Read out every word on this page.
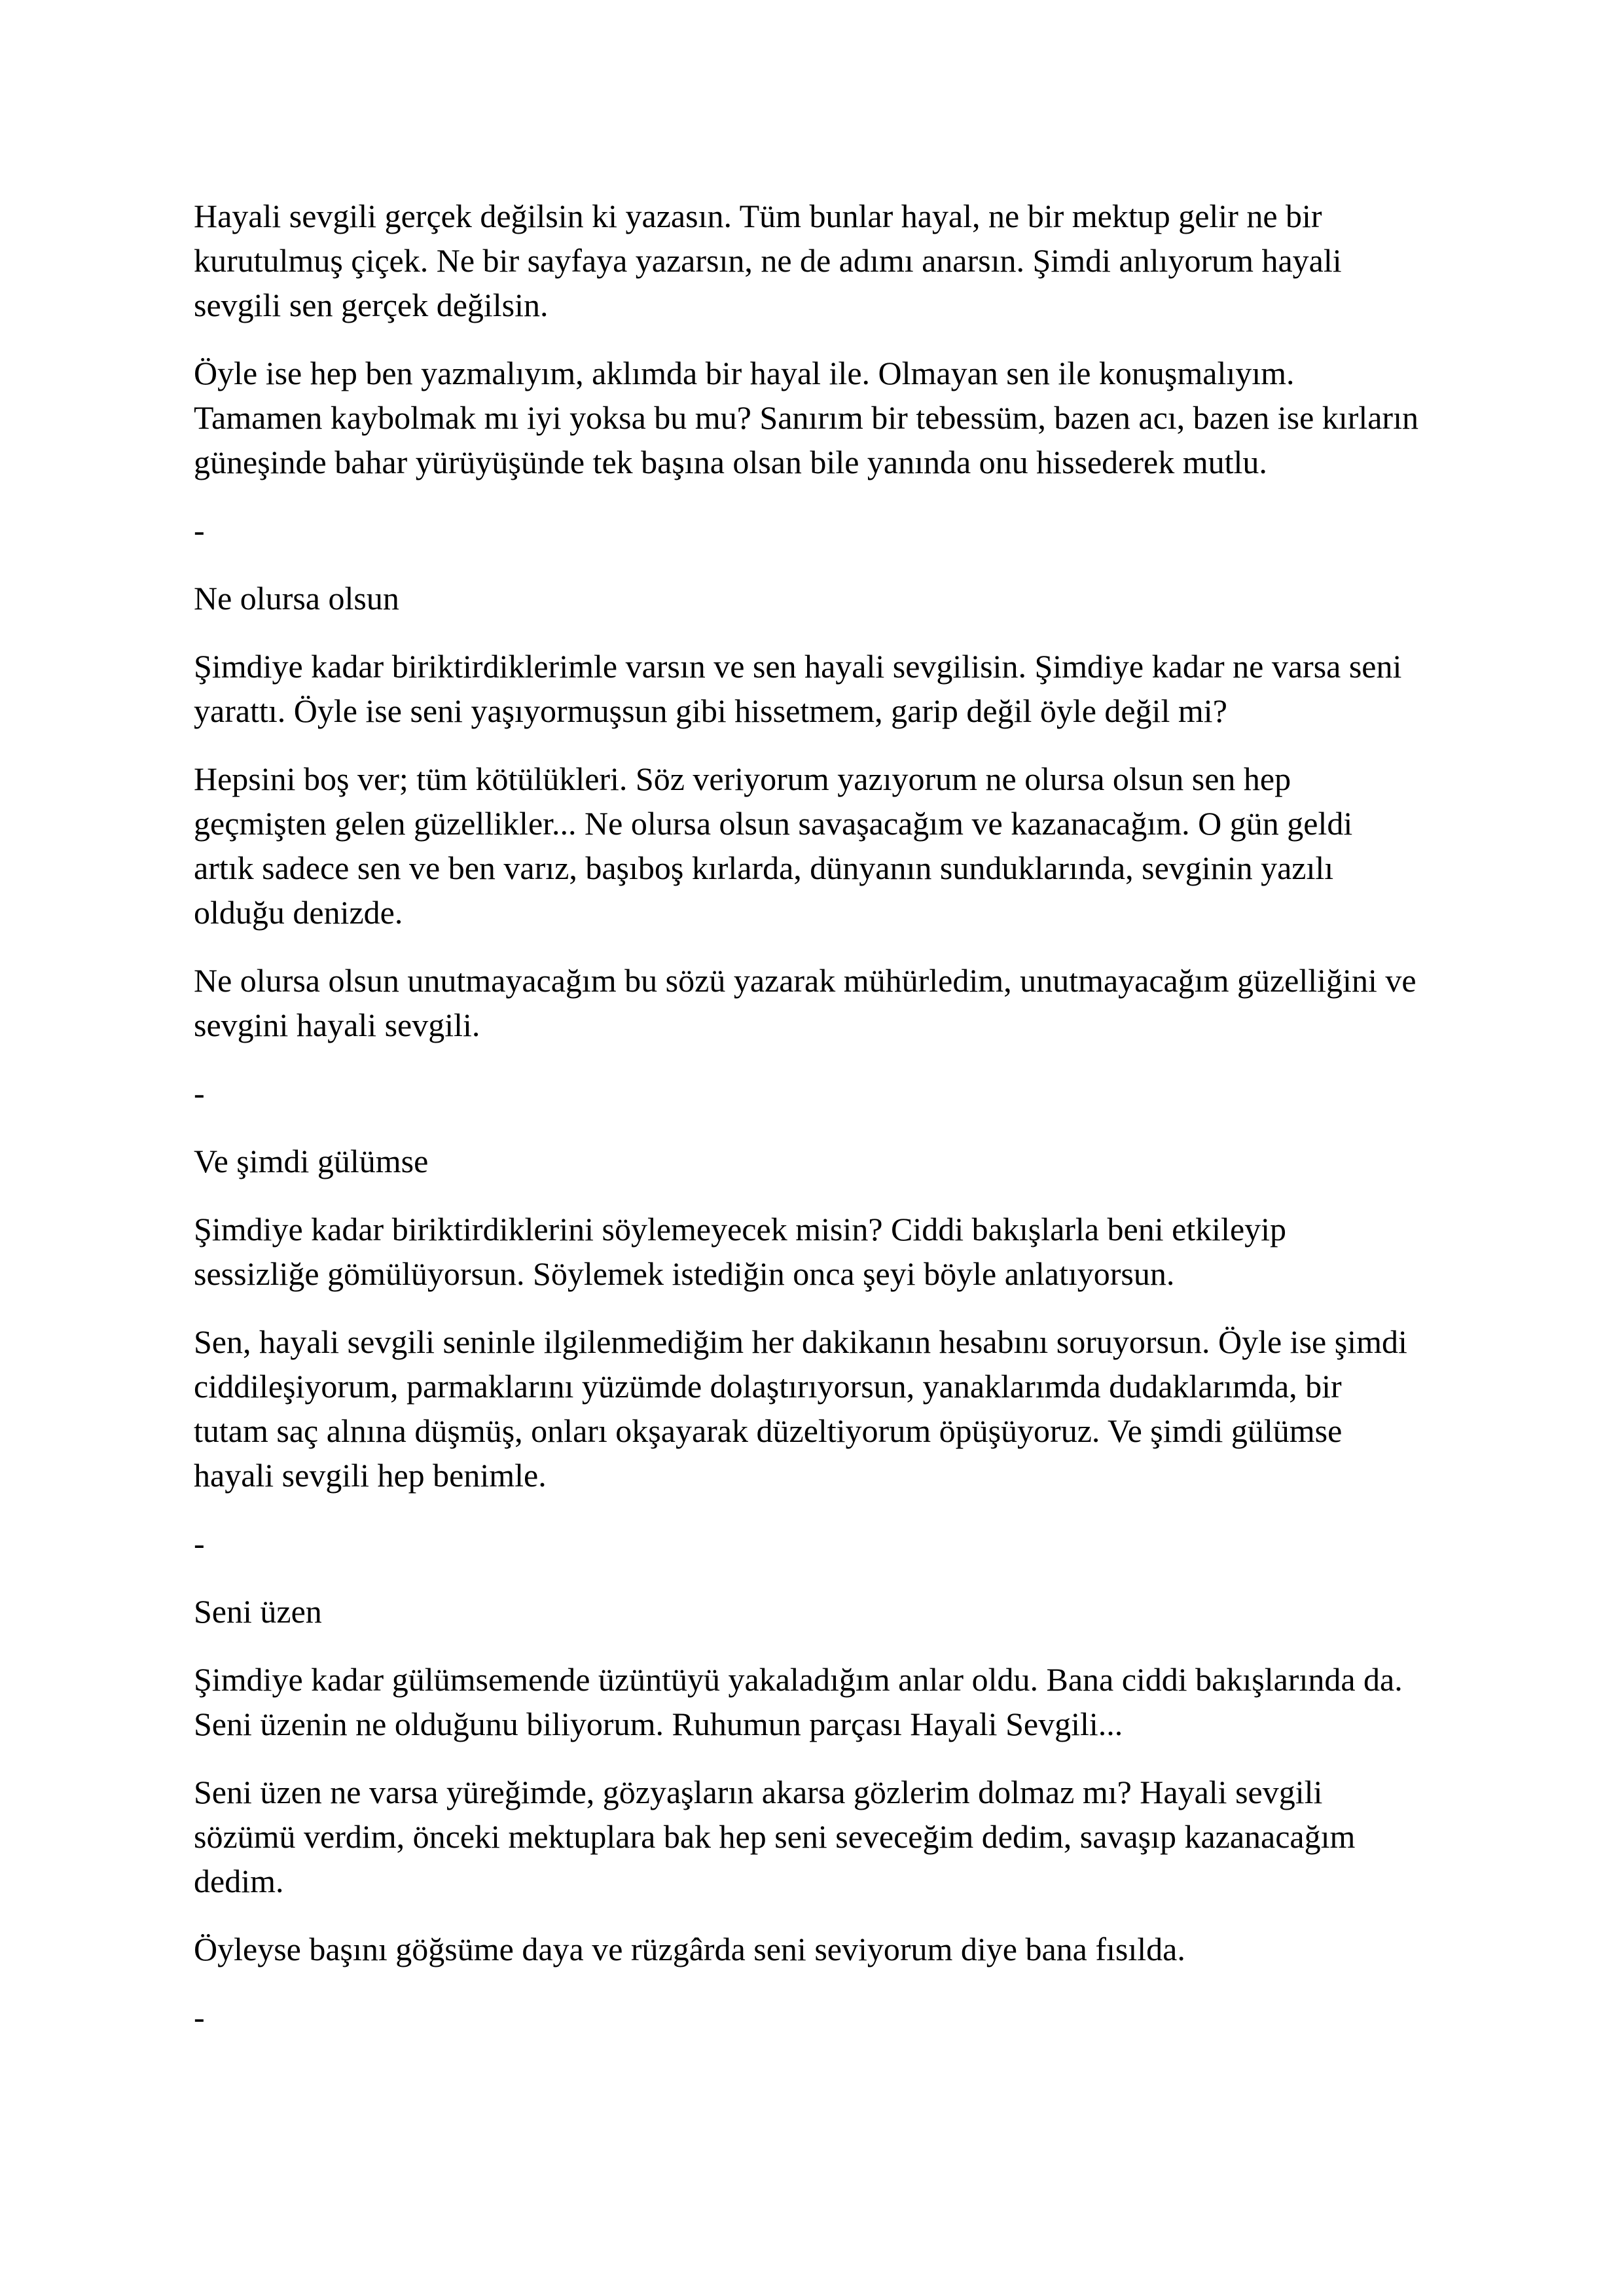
Hayali sevgili gerçek değilsin ki yazasın. Tüm bunlar hayal, ne bir mektup gelir ne bir kurutulmuş çiçek. Ne bir sayfaya yazarsın, ne de adımı anarsın. Şimdi anlıyorum hayali sevgili sen gerçek değilsin.

Öyle ise hep ben yazmalıyım, aklımda bir hayal ile. Olmayan sen ile konuşmalıyım. Tamamen kaybolmak mı iyi yoksa bu mu? Sanırım bir tebessüm, bazen acı, bazen ise kırların güneşinde bahar yürüyüşünde tek başına olsan bile yanında onu hissederek mutlu.

-

Ne olursa olsun

Şimdiye kadar biriktirdiklerimle varsın ve sen hayali sevgilisin. Şimdiye kadar ne varsa seni yarattı. Öyle ise seni yaşıyormuşsun gibi hissetmem, garip değil öyle değil mi?

Hepsini boş ver; tüm kötülükleri. Söz veriyorum yazıyorum ne olursa olsun sen hep geçmişten gelen güzellikler... Ne olursa olsun savaşacağım ve kazanacağım. O gün geldi artık sadece sen ve ben varız, başıboş kırlarda, dünyanın sunduklarında, sevginin yazılı olduğu denizde.

Ne olursa olsun unutmayacağım bu sözü yazarak mühürledim, unutmayacağım güzelliğini ve sevgini hayali sevgili.

-

Ve şimdi gülümse

Şimdiye kadar biriktirdiklerini söylemeyecek misin? Ciddi bakışlarla beni etkileyip sessizliğe gömülüyorsun. Söylemek istediğin onca şeyi böyle anlatıyorsun.

Sen, hayali sevgili seninle ilgilenmediğim her dakikanın hesabını soruyorsun. Öyle ise şimdi ciddileşiyorum, parmaklarını yüzümde dolaştırıyorsun, yanaklarımda dudaklarımda, bir tutam saç alnına düşmüş, onları okşayarak düzeltiyorum öpüşüyoruz. Ve şimdi gülümse hayali sevgili hep benimle.

-

Seni üzen

Şimdiye kadar gülümsemende üzüntüyü yakaladığım anlar oldu. Bana ciddi bakışlarında da. Seni üzenin ne olduğunu biliyorum. Ruhumun parçası Hayali Sevgili...

Seni üzen ne varsa yüreğimde, gözyaşların akarsa gözlerim dolmaz mı? Hayali sevgili sözümü verdim, önceki mektuplara bak hep seni seveceğim dedim, savaşıp kazanacağım dedim.

Öyleyse başını göğsüme daya ve rüzgârda seni seviyorum diye bana fısılda.

-
